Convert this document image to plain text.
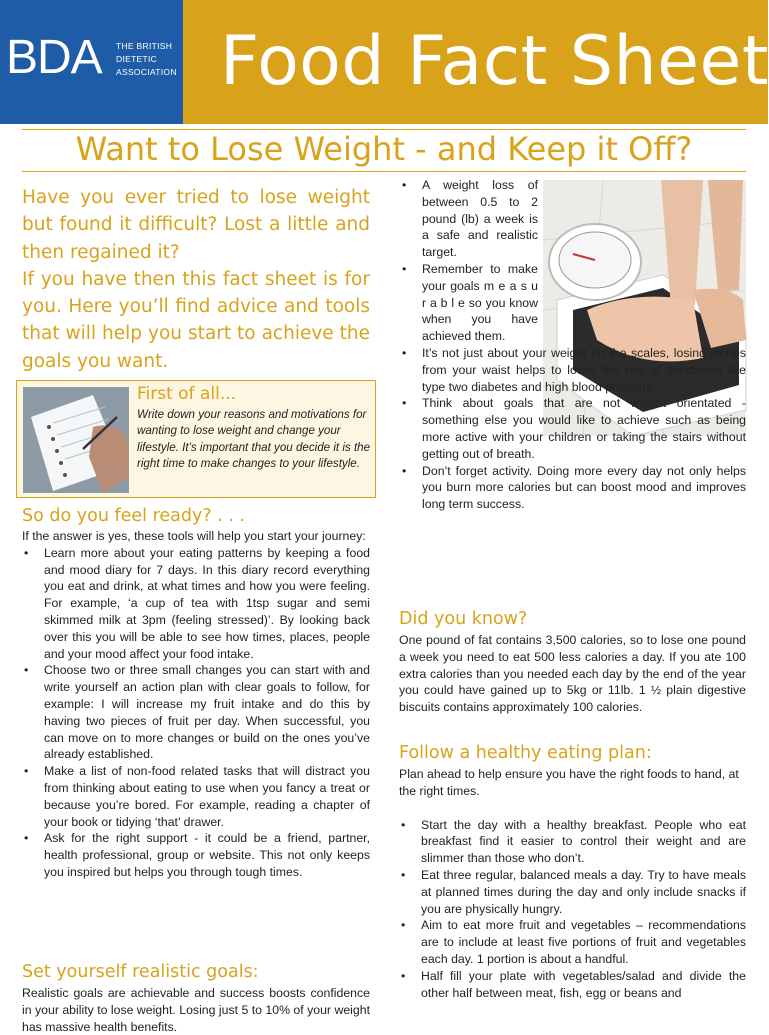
BDA THE BRITISH
DIETETIC
ASSOCIATION Food Fact Sheet
Want to Lose Weight - and Keep it Off?

Have you ever tried to lose weight but found it difficult? Lost a little and then regained it?

If you have then this fact sheet is for you. Here you’ll find advice and tools that will help you start to achieve the goals you want.

First of all...
Write down your reasons and motivations for wanting to lose weight and change your lifestyle. It’s important that you decide it is the right time to make changes to your lifestyle.
So do you feel ready? . . .
If the answer is yes, these tools will help you start your journey:
• Learn more about your eating patterns by keeping a food and mood diary for 7 days. In this diary record everything you eat and drink, at what times and how you were feeling. For example, ‘a cup of tea with 1tsp sugar and semi skimmed milk at 3pm (feeling stressed)’. By looking back over this you will be able to see how times, places, people and your mood affect your food intake.
• Choose two or three small changes you can start with and write yourself an action plan with clear goals to follow, for example: I will increase my fruit intake and do this by having two pieces of fruit per day. When successful, you can move on to more changes or build on the ones you’ve already established.
• Make a list of non-food related tasks that will distract you from thinking about eating to use when you fancy a treat or because you’re bored. For example, reading a chapter of your book or tidying ‘that’ drawer.
• Ask for the right support - it could be a friend, partner, health professional, group or website. This not only keeps you inspired but helps you through tough times.
Set yourself realistic goals:
Realistic goals are achievable and success boosts confidence in your ability to lose weight. Losing just 5 to 10% of your weight has massive health benefits.
• A weight loss of between 0.5 to 2 pound (lb) a week is a safe and realistic target.
• Remember to make your goals m e a s u r a b l e so you know when you have achieved them.
• It’s not just about your weight on the scales, losing inches from your waist helps to lower the risk of conditions like type two diabetes and high blood pressure.
• Think about goals that are not weight orientated - something else you would like to achieve such as being more active with your children or taking the stairs without getting out of breath.
• Don’t forget activity. Doing more every day not only helps you burn more calories but can boost mood and improves long term success.
Did you know?
One pound of fat contains 3,500 calories, so to lose one pound a week you need to eat 500 less calories a day. If you ate 100 extra calories than you needed each day by the end of the year you could have gained up to 5kg or 11lb. 1 ½ plain digestive biscuits contains approximately 100 calories.
Follow a healthy eating plan:
Plan ahead to help ensure you have the right foods to hand, at the right times.
• Start the day with a healthy breakfast. People who eat breakfast find it easier to control their weight and are slimmer than those who don’t.
• Eat three regular, balanced meals a day. Try to have meals at planned times during the day and only include snacks if you are physically hungry.
• Aim to eat more fruit and vegetables – recommendations are to include at least five portions of fruit and vegetables each day. 1 portion is about a handful.
• Half fill your plate with vegetables/salad and divide the other half between meat, fish, egg or beans and
